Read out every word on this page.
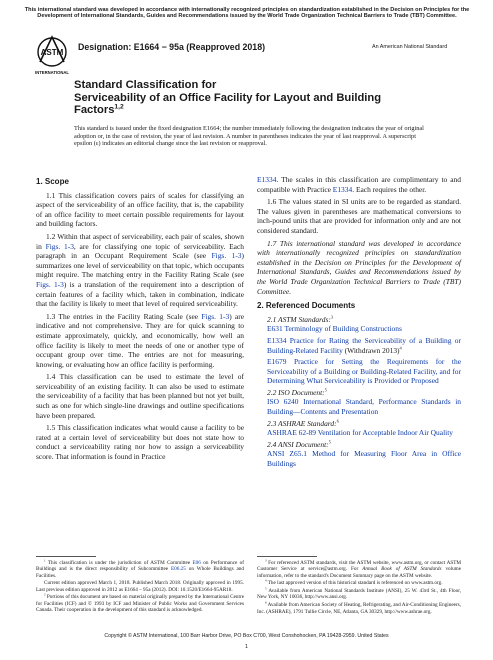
This international standard was developed in accordance with internationally recognized principles on standardization established in the Decision on Principles for the Development of International Standards, Guides and Recommendations issued by the World Trade Organization Technical Barriers to Trade (TBT) Committee.
ASTM
INTERNATIONAL
Designation: E1664 − 95a (Reapproved 2018)	An American National Standard
Standard Classification for
Serviceability of an Office Facility for Layout and Building
Factors$^{1,2}$
This standard is issued under the fixed designation E1664; the number immediately following the designation indicates the year of original adoption or, in the case of revision, the year of last revision. A number in parentheses indicates the year of last reapproval. A superscript epsilon (ε) indicates an editorial change since the last revision or reapproval.
1. Scope

1.1 This classification covers pairs of scales for classifying an aspect of the serviceability of an office facility, that is, the capability of an office facility to meet certain possible requirements for layout and building factors.

1.2 Within that aspect of serviceability, each pair of scales, shown in Figs. 1-3, are for classifying one topic of serviceability. Each paragraph in an Occupant Requirement Scale (see Figs. 1-3) summarizes one level of serviceability on that topic, which occupants might require. The matching entry in the Facility Rating Scale (see Figs. 1-3) is a translation of the requirement into a description of certain features of a facility which, taken in combination, indicate that the facility is likely to meet that level of required serviceability.

1.3 The entries in the Facility Rating Scale (see Figs. 1-3) are indicative and not comprehensive. They are for quick scanning to estimate approximately, quickly, and economically, how well an office facility is likely to meet the needs of one or another type of occupant group over time. The entries are not for measuring, knowing, or evaluating how an office facility is performing.

1.4 This classification can be used to estimate the level of serviceability of an existing facility. It can also be used to estimate the serviceability of a facility that has been planned but not yet built, such as one for which single-line drawings and outline specifications have been prepared.

1.5 This classification indicates what would cause a facility to be rated at a certain level of serviceability but does not state how to conduct a serviceability rating nor how to assign a serviceability score. That information is found in Practice

E1334. The scales in this classification are complimentary to and compatible with Practice E1334. Each requires the other.

1.6 The values stated in SI units are to be regarded as standard. The values given in parentheses are mathematical conversions to inch-pound units that are provided for information only and are not considered standard.

1.7 This international standard was developed in accordance with internationally recognized principles on standardization established in the Decision on Principles for the Development of International Standards, Guides and Recommendations issued by the World Trade Organization Technical Barriers to Trade (TBT) Committee.

2. Referenced Documents
2.1 ASTM Standards:$^3$
E631 Terminology of Building Constructions
E1334 Practice for Rating the Serviceability of a Building or Building-Related Facility (Withdrawn 2013)$^4$
E1679 Practice for Setting the Requirements for the Serviceability of a Building or Building-Related Facility, and for Determining What Serviceability is Provided or Proposed
2.2 ISO Document:$^5$
ISO 6240 International Standard, Performance Standards in Building—Contents and Presentation
2.3 ASHRAE Standard:$^6$
ASHRAE 62-89 Ventilation for Acceptable Indoor Air Quality
2.4 ANSI Document:$^5$
ANSI Z65.1 Method for Measuring Floor Area in Office Buildings

$^1$ This classification is under the jurisdiction of ASTM Committee E06 on Performance of Buildings and is the direct responsibility of Subcommittee E06.25 on Whole Buildings and Facilities.

Current edition approved March 1, 2018. Published March 2018. Originally approved in 1995. Last previous edition approved in 2012 as E1664 – 95a (2012). DOI: 10.1520/E1664-95AR18.

$^2$ Portions of this document are based on material originally prepared by the International Centre for Facilities (ICF) and © 1993 by ICF and Minister of Public Works and Government Services Canada. Their cooperation in the development of this standard is acknowledged.

$^3$ For referenced ASTM standards, visit the ASTM website, www.astm.org, or contact ASTM Customer Service at service@astm.org. For Annual Book of ASTM Standards volume information, refer to the standard's Document Summary page on the ASTM website.

$^4$ The last approved version of this historical standard is referenced on www.astm.org.

$^5$ Available from American National Standards Institute (ANSI), 25 W. 43rd St., 4th Floor, New York, NY 10036, http://www.ansi.org.

$^6$ Available from American Society of Heating, Refrigerating, and Air-Conditioning Engineers, Inc. (ASHRAE), 1791 Tullie Circle, NE, Atlanta, GA 30329, http://www.ashrae.org.

Copyright © ASTM International, 100 Barr Harbor Drive, PO Box C700, West Conshohocken, PA 19428-2959. United States
1
